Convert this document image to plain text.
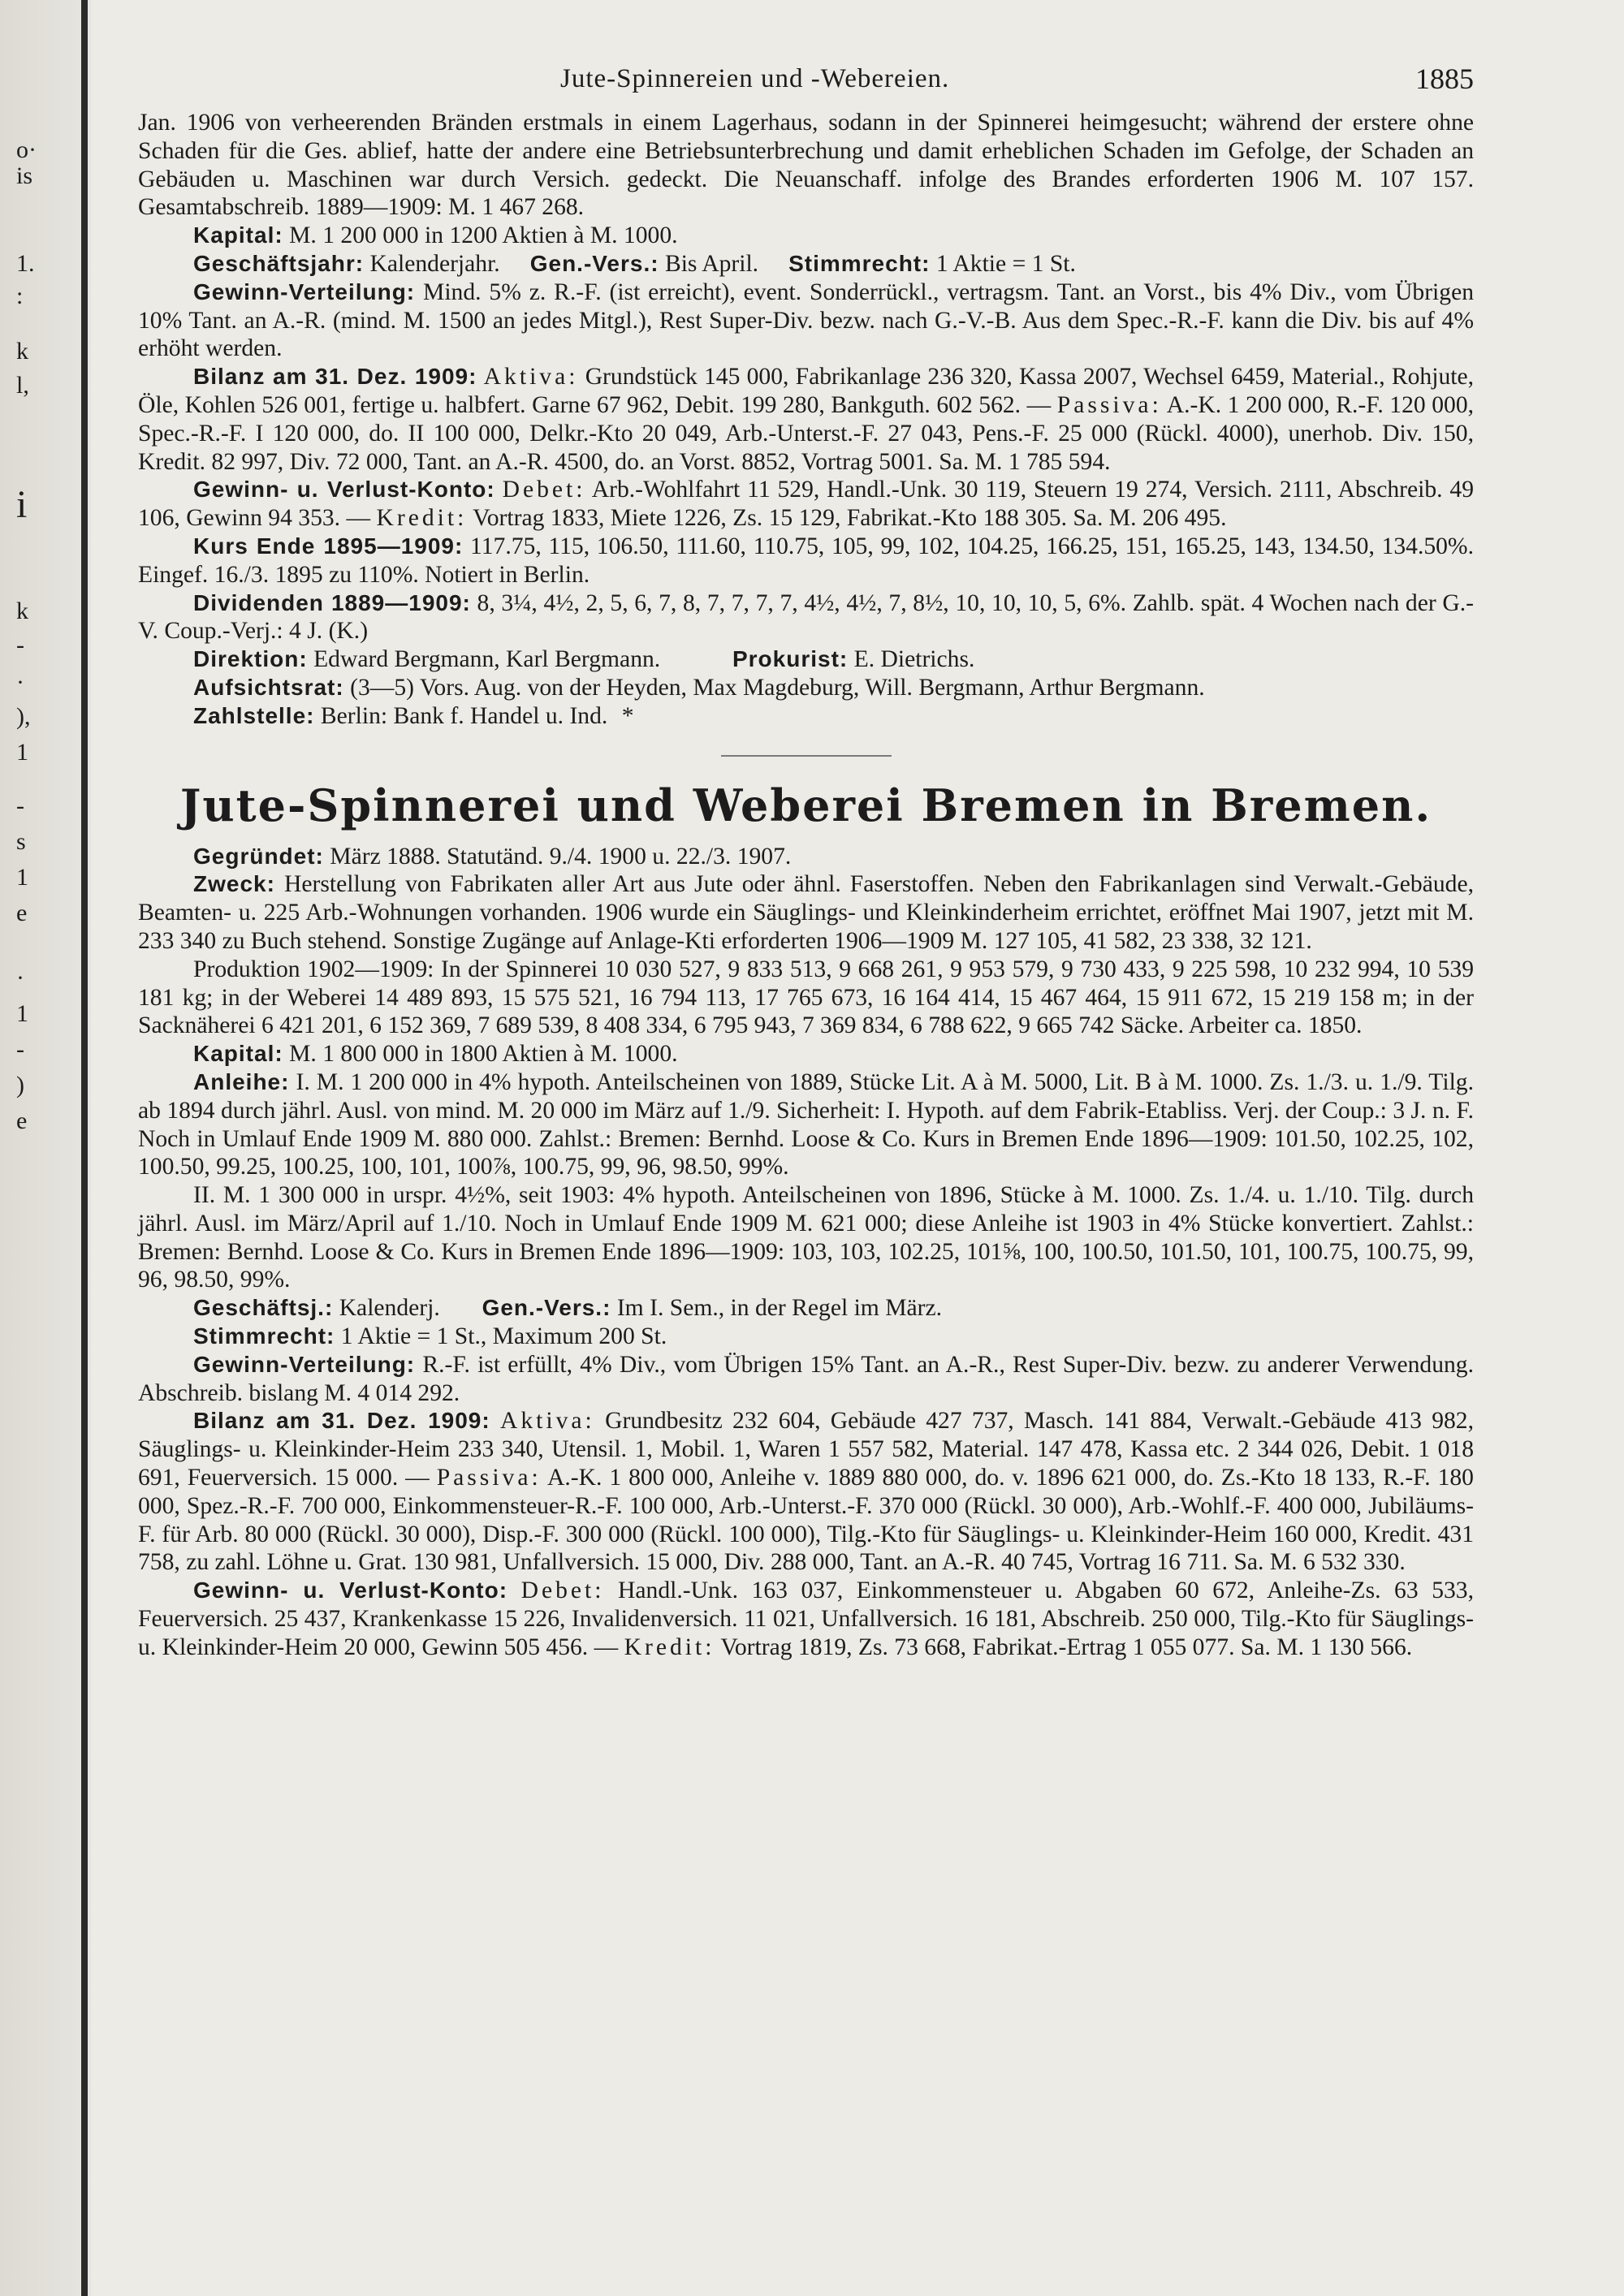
o·
is
1.
:
k
l,
i
k
-
·
),
1
-
s
1
e
·
1
-
)
e
Jute-Spinnereien und -Webereien.	1885

Jan. 1906 von verheerenden Bränden erstmals in einem Lagerhaus, sodann in der Spinnerei heimgesucht; während der erstere ohne Schaden für die Ges. ablief, hatte der andere eine Betriebsunterbrechung und damit erheblichen Schaden im Gefolge, der Schaden an Gebäuden u. Maschinen war durch Versich. gedeckt. Die Neuanschaff. infolge des Brandes erforderten 1906 M. 107 157. Gesamtabschreib. 1889—1909: M. 1 467 268.

Kapital: M. 1 200 000 in 1200 Aktien à M. 1000.

Geschäftsjahr: Kalenderjahr. Gen.-Vers.: Bis April. Stimmrecht: 1 Aktie = 1 St.

Gewinn-Verteilung: Mind. 5% z. R.-F. (ist erreicht), event. Sonderrückl., vertragsm. Tant. an Vorst., bis 4% Div., vom Übrigen 10% Tant. an A.-R. (mind. M. 1500 an jedes Mitgl.), Rest Super-Div. bezw. nach G.-V.-B. Aus dem Spec.-R.-F. kann die Div. bis auf 4% erhöht werden.

Bilanz am 31. Dez. 1909: Aktiva: Grundstück 145 000, Fabrikanlage 236 320, Kassa 2007, Wechsel 6459, Material., Rohjute, Öle, Kohlen 526 001, fertige u. halbfert. Garne 67 962, Debit. 199 280, Bankguth. 602 562. — Passiva: A.-K. 1 200 000, R.-F. 120 000, Spec.-R.-F. I 120 000, do. II 100 000, Delkr.-Kto 20 049, Arb.-Unterst.-F. 27 043, Pens.-F. 25 000 (Rückl. 4000), unerhob. Div. 150, Kredit. 82 997, Div. 72 000, Tant. an A.-R. 4500, do. an Vorst. 8852, Vortrag 5001. Sa. M. 1 785 594.

Gewinn- u. Verlust-Konto: Debet: Arb.-Wohlfahrt 11 529, Handl.-Unk. 30 119, Steuern 19 274, Versich. 2111, Abschreib. 49 106, Gewinn 94 353. — Kredit: Vortrag 1833, Miete 1226, Zs. 15 129, Fabrikat.-Kto 188 305. Sa. M. 206 495.

Kurs Ende 1895—1909: 117.75, 115, 106.50, 111.60, 110.75, 105, 99, 102, 104.25, 166.25, 151, 165.25, 143, 134.50, 134.50%. Eingef. 16./3. 1895 zu 110%. Notiert in Berlin.

Dividenden 1889—1909: 8, 3¼, 4½, 2, 5, 6, 7, 8, 7, 7, 7, 7, 4½, 4½, 7, 8½, 10, 10, 10, 5, 6%. Zahlb. spät. 4 Wochen nach der G.-V. Coup.-Verj.: 4 J. (K.)

Direktion: Edward Bergmann, Karl Bergmann.	Prokurist: E. Dietrichs.

Aufsichtsrat: (3—5) Vors. Aug. von der Heyden, Max Magdeburg, Will. Bergmann, Arthur Bergmann.

Zahlstelle: Berlin: Bank f. Handel u. Ind. *

Jute-Spinnerei und Weberei Bremen in Bremen.

Gegründet: März 1888. Statutänd. 9./4. 1900 u. 22./3. 1907.

Zweck: Herstellung von Fabrikaten aller Art aus Jute oder ähnl. Faserstoffen. Neben den Fabrikanlagen sind Verwalt.-Gebäude, Beamten- u. 225 Arb.-Wohnungen vorhanden. 1906 wurde ein Säuglings- und Kleinkinderheim errichtet, eröffnet Mai 1907, jetzt mit M. 233 340 zu Buch stehend. Sonstige Zugänge auf Anlage-Kti erforderten 1906—1909 M. 127 105, 41 582, 23 338, 32 121.

Produktion 1902—1909: In der Spinnerei 10 030 527, 9 833 513, 9 668 261, 9 953 579, 9 730 433, 9 225 598, 10 232 994, 10 539 181 kg; in der Weberei 14 489 893, 15 575 521, 16 794 113, 17 765 673, 16 164 414, 15 467 464, 15 911 672, 15 219 158 m; in der Sacknäherei 6 421 201, 6 152 369, 7 689 539, 8 408 334, 6 795 943, 7 369 834, 6 788 622, 9 665 742 Säcke. Arbeiter ca. 1850.

Kapital: M. 1 800 000 in 1800 Aktien à M. 1000.

Anleihe: I. M. 1 200 000 in 4% hypoth. Anteilscheinen von 1889, Stücke Lit. A à M. 5000, Lit. B à M. 1000. Zs. 1./3. u. 1./9. Tilg. ab 1894 durch jährl. Ausl. von mind. M. 20 000 im März auf 1./9. Sicherheit: I. Hypoth. auf dem Fabrik-Etabliss. Verj. der Coup.: 3 J. n. F. Noch in Umlauf Ende 1909 M. 880 000. Zahlst.: Bremen: Bernhd. Loose & Co. Kurs in Bremen Ende 1896—1909: 101.50, 102.25, 102, 100.50, 99.25, 100.25, 100, 101, 100⅞, 100.75, 99, 96, 98.50, 99%.

II. M. 1 300 000 in urspr. 4½%, seit 1903: 4% hypoth. Anteilscheinen von 1896, Stücke à M. 1000. Zs. 1./4. u. 1./10. Tilg. durch jährl. Ausl. im März/April auf 1./10. Noch in Umlauf Ende 1909 M. 621 000; diese Anleihe ist 1903 in 4% Stücke konvertiert. Zahlst.: Bremen: Bernhd. Loose & Co. Kurs in Bremen Ende 1896—1909: 103, 103, 102.25, 101⅝, 100, 100.50, 101.50, 101, 100.75, 100.75, 99, 96, 98.50, 99%.

Geschäftsj.: Kalenderj. Gen.-Vers.: Im I. Sem., in der Regel im März.

Stimmrecht: 1 Aktie = 1 St., Maximum 200 St.

Gewinn-Verteilung: R.-F. ist erfüllt, 4% Div., vom Übrigen 15% Tant. an A.-R., Rest Super-Div. bezw. zu anderer Verwendung. Abschreib. bislang M. 4 014 292.

Bilanz am 31. Dez. 1909: Aktiva: Grundbesitz 232 604, Gebäude 427 737, Masch. 141 884, Verwalt.-Gebäude 413 982, Säuglings- u. Kleinkinder-Heim 233 340, Utensil. 1, Mobil. 1, Waren 1 557 582, Material. 147 478, Kassa etc. 2 344 026, Debit. 1 018 691, Feuerversich. 15 000. — Passiva: A.-K. 1 800 000, Anleihe v. 1889 880 000, do. v. 1896 621 000, do. Zs.-Kto 18 133, R.-F. 180 000, Spez.-R.-F. 700 000, Einkommensteuer-R.-F. 100 000, Arb.-Unterst.-F. 370 000 (Rückl. 30 000), Arb.-Wohlf.-F. 400 000, Jubiläums-F. für Arb. 80 000 (Rückl. 30 000), Disp.-F. 300 000 (Rückl. 100 000), Tilg.-Kto für Säuglings- u. Kleinkinder-Heim 160 000, Kredit. 431 758, zu zahl. Löhne u. Grat. 130 981, Unfallversich. 15 000, Div. 288 000, Tant. an A.-R. 40 745, Vortrag 16 711. Sa. M. 6 532 330.

Gewinn- u. Verlust-Konto: Debet: Handl.-Unk. 163 037, Einkommensteuer u. Abgaben 60 672, Anleihe-Zs. 63 533, Feuerversich. 25 437, Krankenkasse 15 226, Invalidenversich. 11 021, Unfallversich. 16 181, Abschreib. 250 000, Tilg.-Kto für Säuglings- u. Kleinkinder-Heim 20 000, Gewinn 505 456. — Kredit: Vortrag 1819, Zs. 73 668, Fabrikat.-Ertrag 1 055 077. Sa. M. 1 130 566.
